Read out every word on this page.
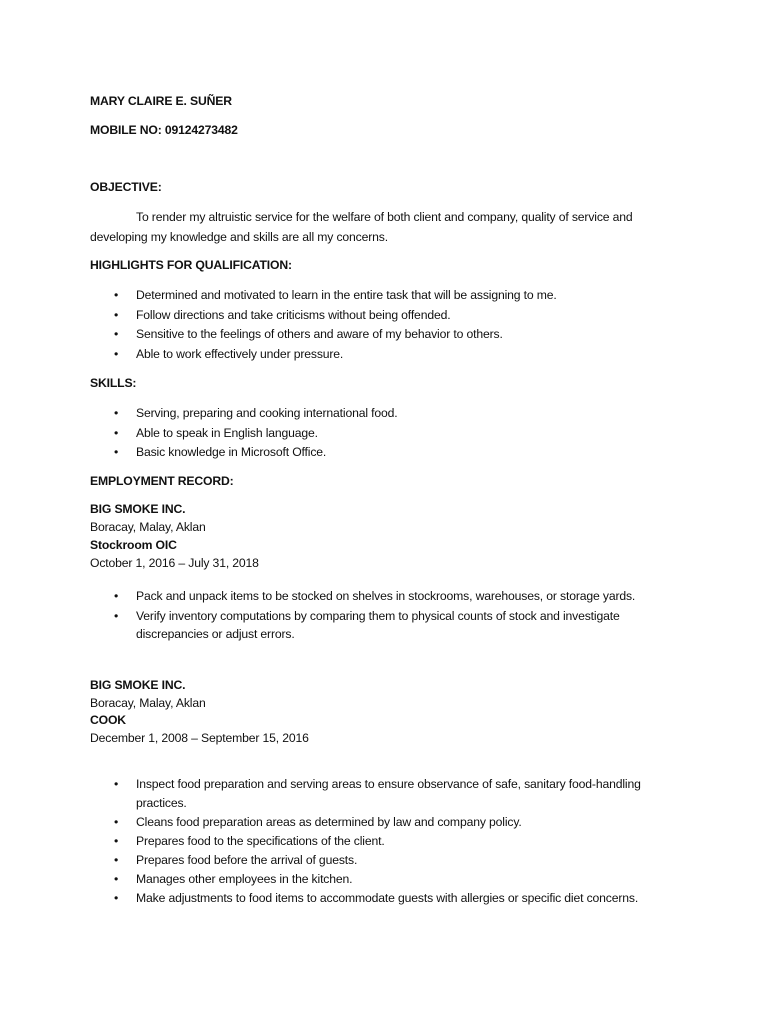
MARY CLAIRE E. SUÑER

MOBILE NO: 09124273482

OBJECTIVE:

To render my altruistic service for the welfare of both client and company, quality of service and developing my knowledge and skills are all my concerns.

HIGHLIGHTS FOR QUALIFICATION:

• Determined and motivated to learn in the entire task that will be assigning to me.
• Follow directions and take criticisms without being offended.
• Sensitive to the feelings of others and aware of my behavior to others.
• Able to work effectively under pressure.

SKILLS:

• Serving, preparing and cooking international food.
• Able to speak in English language.
• Basic knowledge in Microsoft Office.

EMPLOYMENT RECORD:

BIG SMOKE INC.

Boracay, Malay, Aklan

Stockroom OIC

October 1, 2016 – July 31, 2018

• Pack and unpack items to be stocked on shelves in stockrooms, warehouses, or storage yards.
• Verify inventory computations by comparing them to physical counts of stock and investigate discrepancies or adjust errors.

BIG SMOKE INC.

Boracay, Malay, Aklan

COOK

December 1, 2008 – September 15, 2016

• Inspect food preparation and serving areas to ensure observance of safe, sanitary food-handling practices.
• Cleans food preparation areas as determined by law and company policy.
• Prepares food to the specifications of the client.
• Prepares food before the arrival of guests.
• Manages other employees in the kitchen.
• Make adjustments to food items to accommodate guests with allergies or specific diet concerns.
